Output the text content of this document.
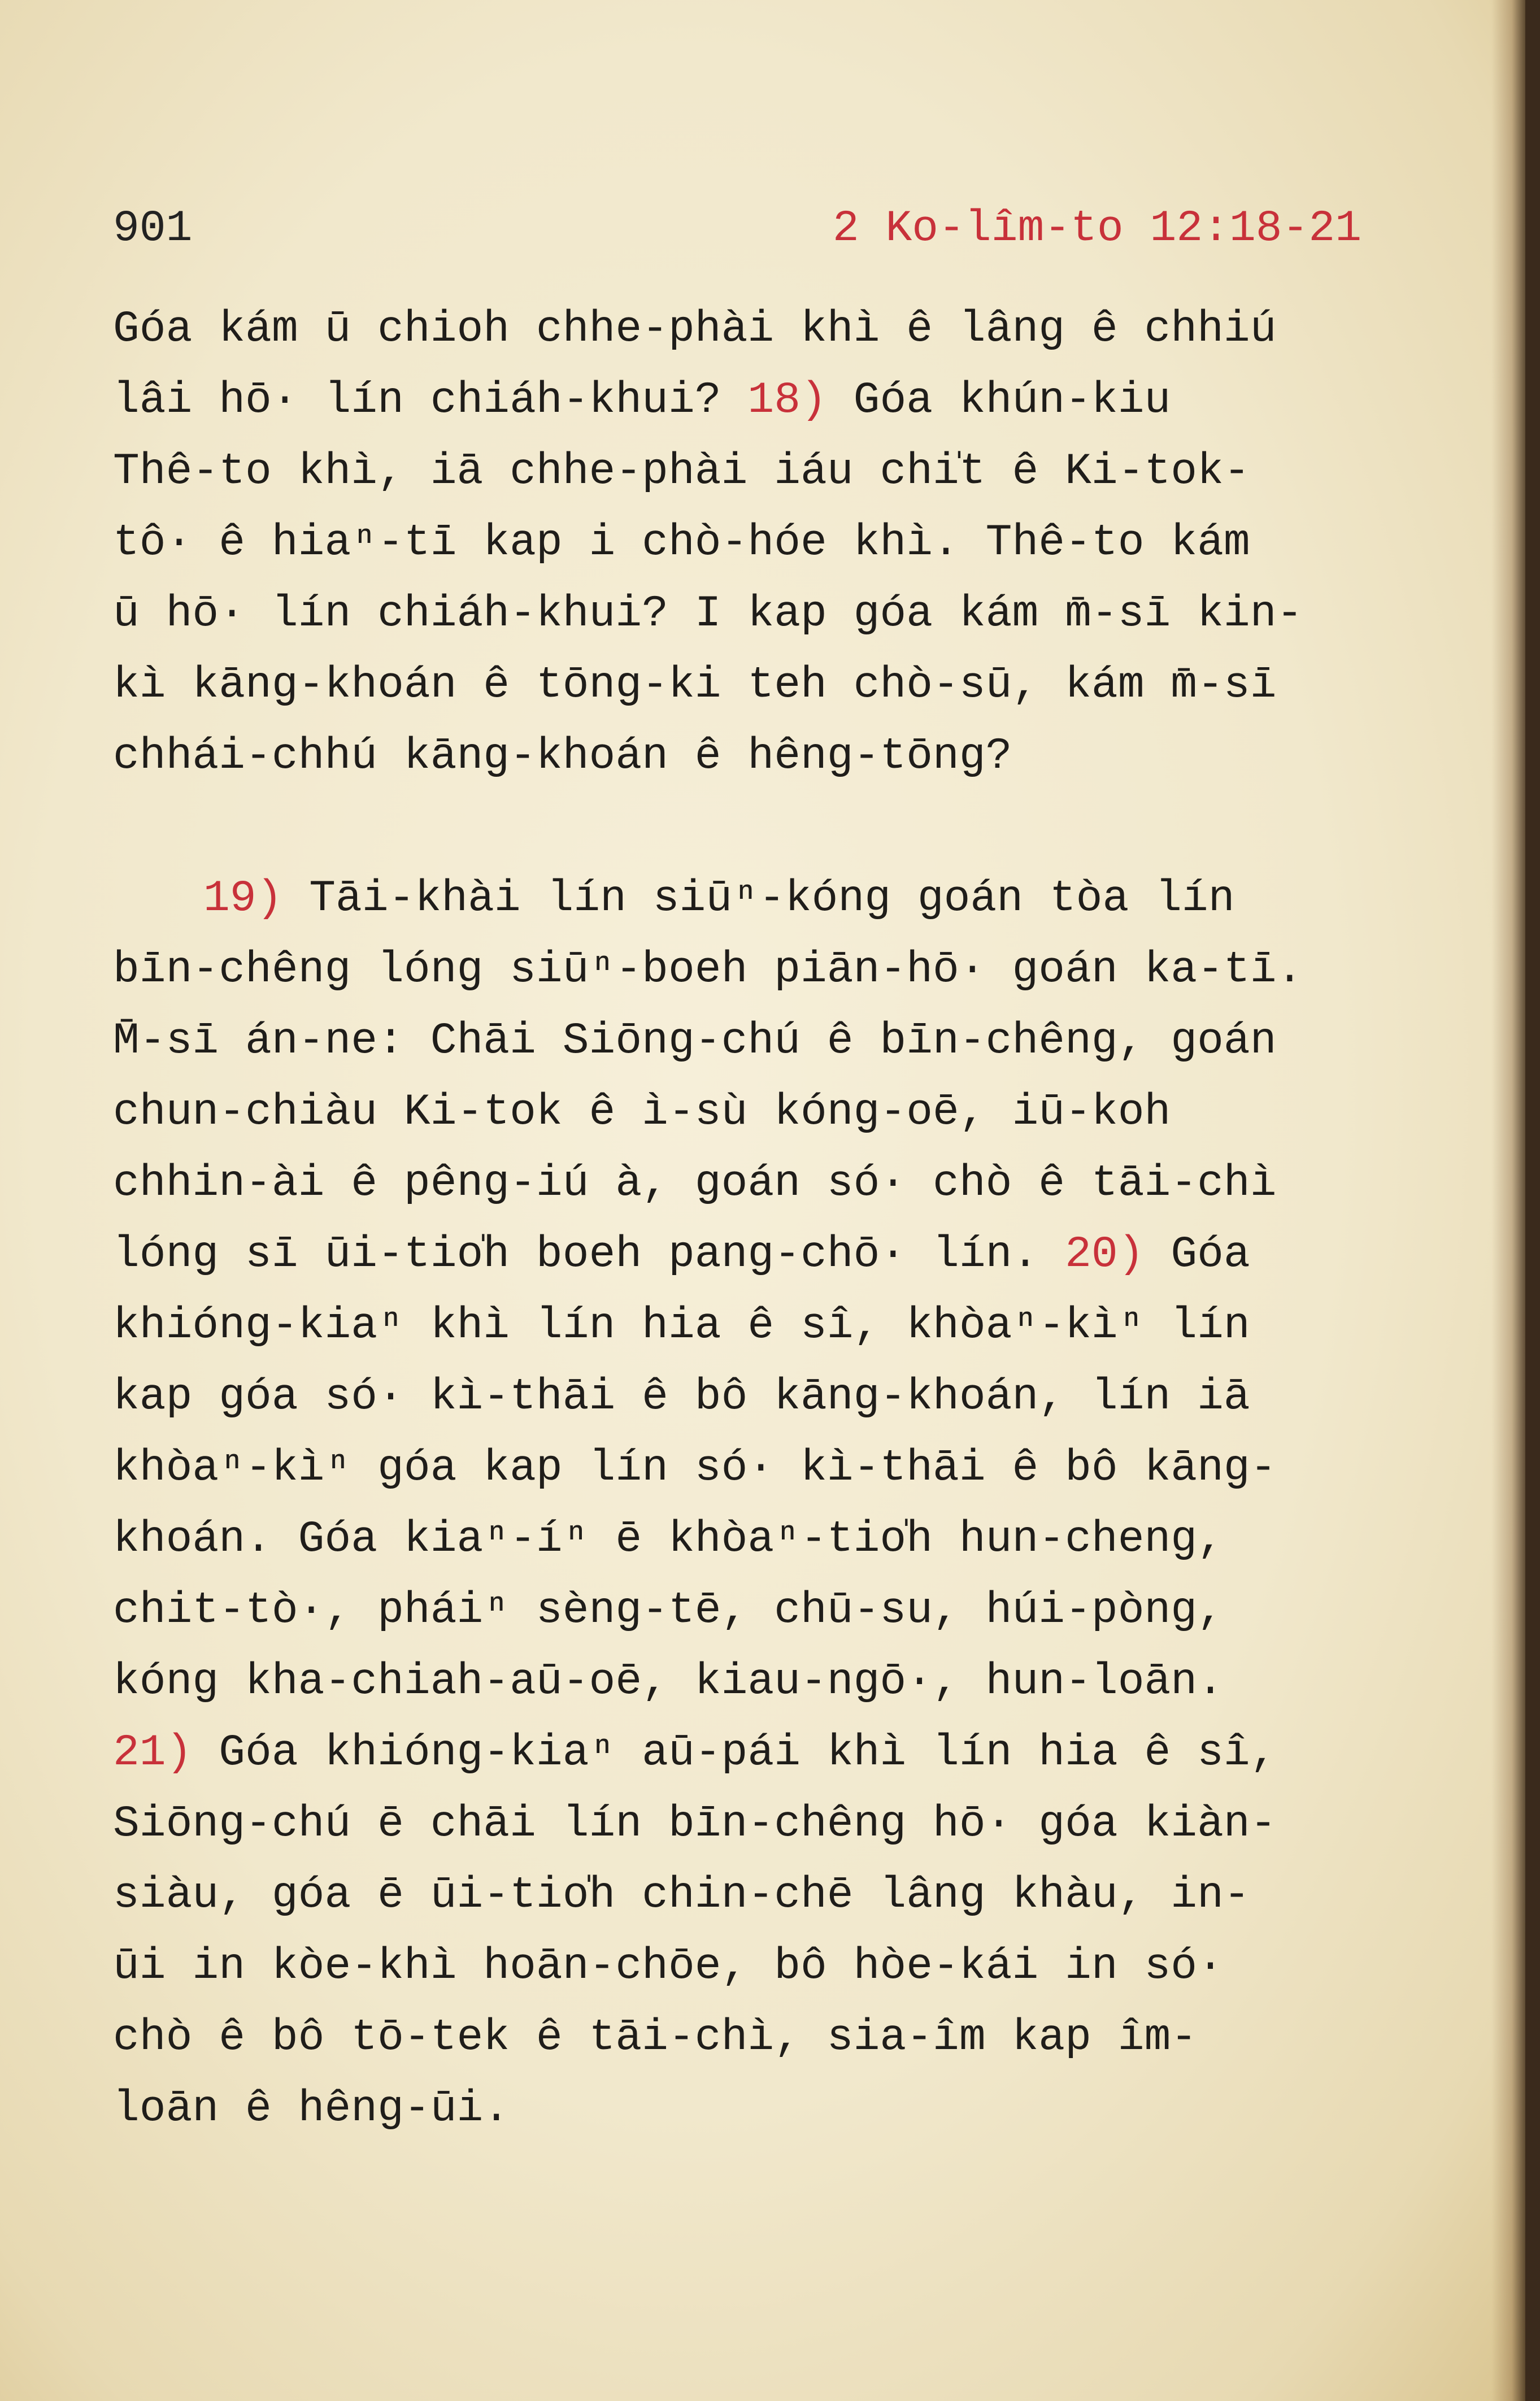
901	2 Ko-lîm-to 12:18-21
Góa kám ū chioh chhe-phài khì ê lâng ê chhiú
lâi hō· lín chiáh-khui? 18) Góa khún-kiu
Thê-to khì, iā chhe-phài iáu chi̍t ê Ki-tok-
tô· ê hiaⁿ-tī kap i chò-hóe khì. Thê-to kám
ū hō· lín chiáh-khui? I kap góa kám m̄-sī kin-
kì kāng-khoán ê tōng-ki teh chò-sū, kám m̄-sī
chhái-chhú kāng-khoán ê hêng-tōng?
19) Tāi-khài lín siūⁿ-kóng goán tòa lín
bīn-chêng lóng siūⁿ-boeh piān-hō· goán ka-tī.
M̄-sī án-ne: Chāi Siōng-chú ê bīn-chêng, goán
chun-chiàu Ki-tok ê ì-sù kóng-oē, iū-koh
chhin-ài ê pêng-iú à, goán só· chò ê tāi-chì
lóng sī ūi-tio̍h boeh pang-chō· lín. 20) Góa
khióng-kiaⁿ khì lín hia ê sî, khòaⁿ-kìⁿ lín
kap góa só· kì-thāi ê bô kāng-khoán, lín iā
khòaⁿ-kìⁿ góa kap lín só· kì-thāi ê bô kāng-
khoán. Góa kiaⁿ-íⁿ ē khòaⁿ-tio̍h hun-cheng,
chit-tò·, pháiⁿ sèng-tē, chū-su, húi-pòng,
kóng kha-chiah-aū-oē, kiau-ngō·, hun-loān.
21) Góa khióng-kiaⁿ aū-pái khì lín hia ê sî,
Siōng-chú ē chāi lín bīn-chêng hō· góa kiàn-
siàu, góa ē ūi-tio̍h chin-chē lâng khàu, in-
ūi in kòe-khì hoān-chōe, bô hòe-kái in só·
chò ê bô tō-tek ê tāi-chì, sia-îm kap îm-
loān ê hêng-ūi.
